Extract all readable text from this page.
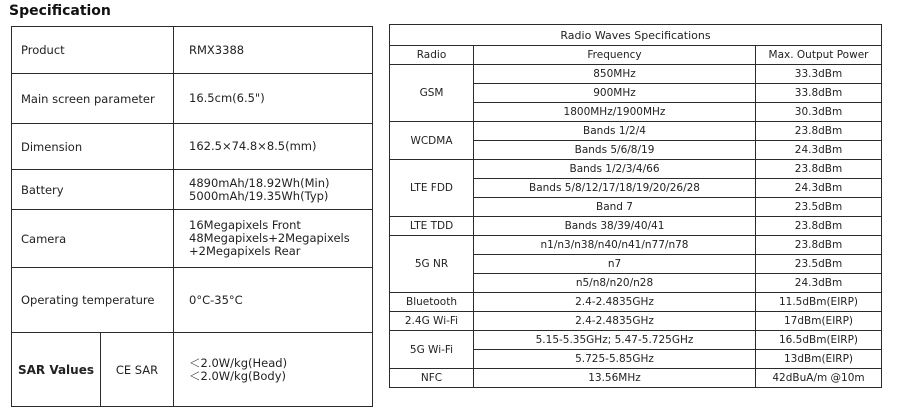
Specification
Product		RMX3388
Main screen parameter		16.5cm(6.5")
Dimension		162.5×74.8×8.5(mm)
Battery		4890mAh/18.92Wh(Min)
5000mAh/19.35Wh(Typ)

Camera		16Megapixels Front
48Megapixels+2Megapixels
+2Megapixels Rear

Operating temperature		0°C-35°C
SAR Values	CE SAR	＜2.0W/kg(Head)
＜2.0W/kg(Body)
Radio Waves Specifications		
Radio	Frequency	Max. Output Power
GSM	850MHz	33.3dBm
	900MHz	33.8dBm
	1800MHz/1900MHz	30.3dBm
WCDMA	Bands 1/2/4	23.8dBm
	Bands 5/6/8/19	24.3dBm
LTE FDD	Bands 1/2/3/4/66	23.8dBm
	Bands 5/8/12/17/18/19/20/26/28	24.3dBm
	Band 7	23.5dBm
LTE TDD	Bands 38/39/40/41	23.8dBm
5G NR	n1/n3/n38/n40/n41/n77/n78	23.8dBm
	n7	23.5dBm
	n5/n8/n20/n28	24.3dBm
Bluetooth	2.4-2.4835GHz	11.5dBm(EIRP)
2.4G Wi-Fi	2.4-2.4835GHz	17dBm(EIRP)
5G Wi-Fi	5.15-5.35GHz; 5.47-5.725GHz	16.5dBm(EIRP)
	5.725-5.85GHz	13dBm(EIRP)
NFC	13.56MHz	42dBuA/m @10m
